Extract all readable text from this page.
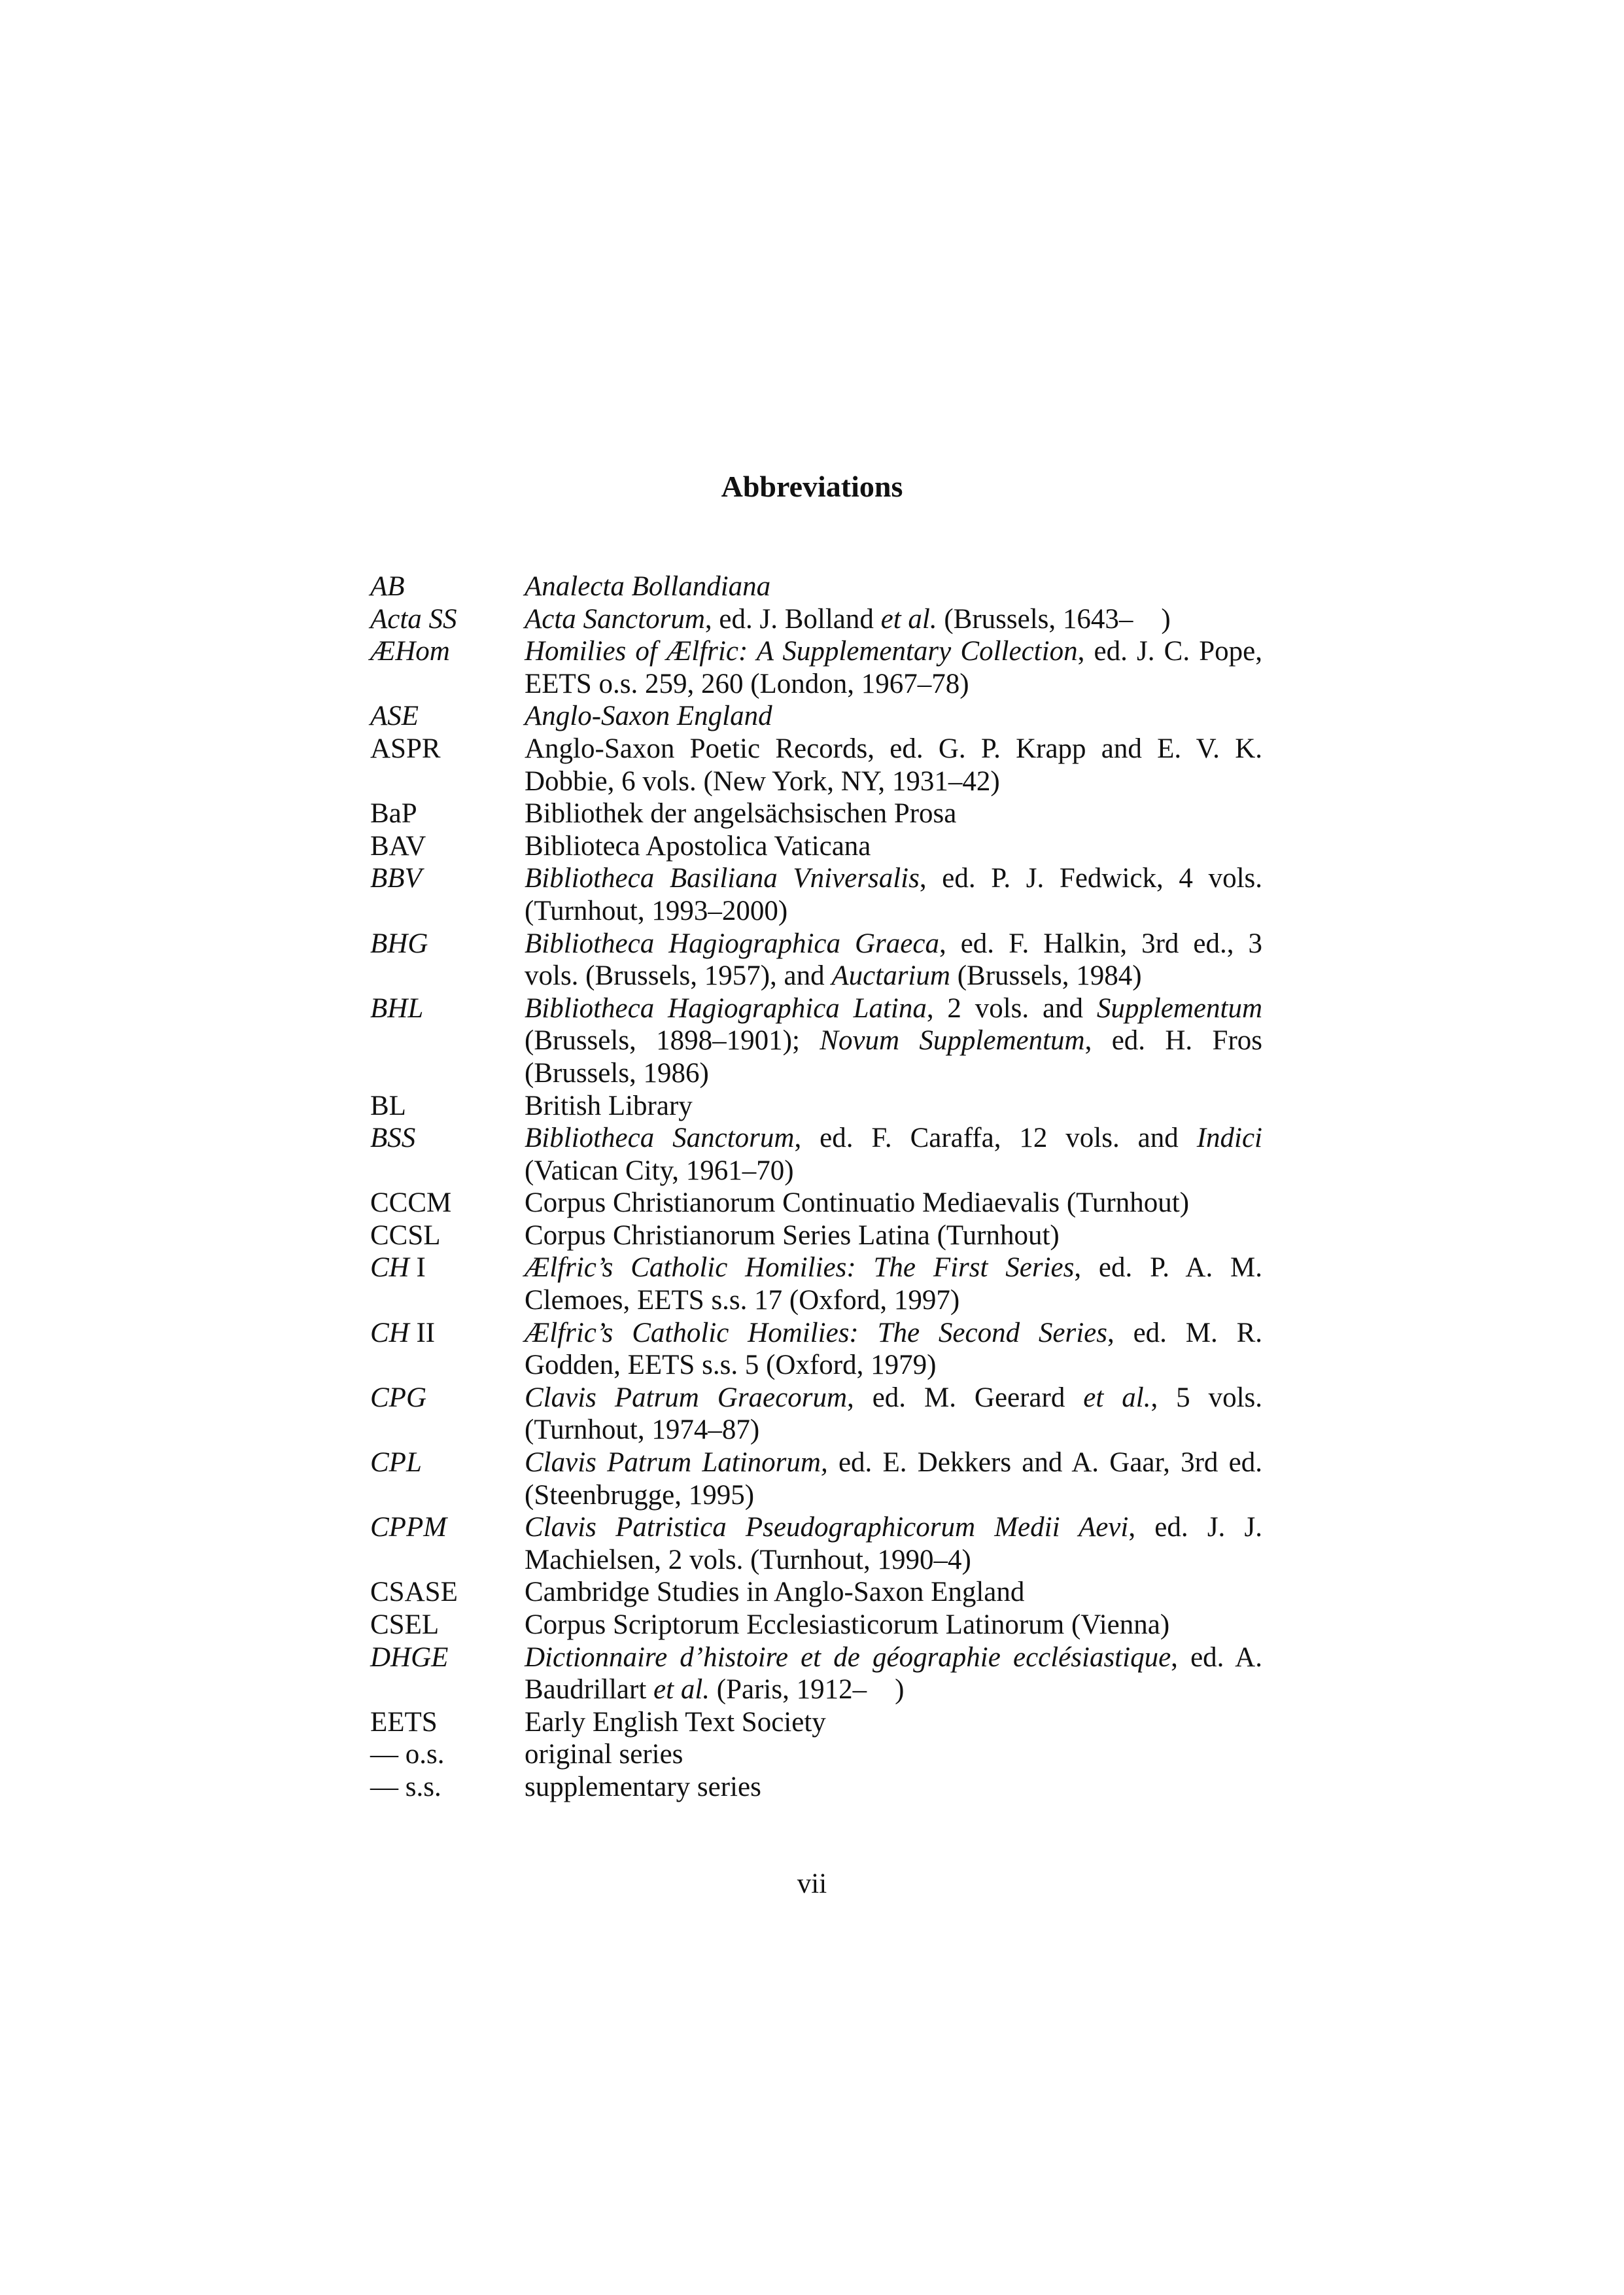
Abbreviations
AB	Analecta Bollandiana
Acta SS	Acta Sanctorum, ed. J. Bolland et al. (Brussels, 1643– )
ÆHom	Homilies of Ælfric: A Supplementary Collection, ed. J. C. Pope, EETS o.s. 259, 260 (London, 1967–78)
ASE	Anglo-Saxon England
ASPR	Anglo-Saxon Poetic Records, ed. G. P. Krapp and E. V. K. Dobbie, 6 vols. (New York, NY, 1931–42)
BaP	Bibliothek der angelsächsischen Prosa
BAV	Biblioteca Apostolica Vaticana
BBV	Bibliotheca Basiliana Vniversalis, ed. P. J. Fedwick, 4 vols. (Turnhout, 1993–2000)
BHG	Bibliotheca Hagiographica Graeca, ed. F. Halkin, 3rd ed., 3 vols. (Brussels, 1957), and Auctarium (Brussels, 1984)
BHL	Bibliotheca Hagiographica Latina, 2 vols. and Supplementum (Brussels, 1898–1901); Novum Supplementum, ed. H. Fros (Brussels, 1986)
BL	British Library
BSS	Bibliotheca Sanctorum, ed. F. Caraffa, 12 vols. and Indici (Vatican City, 1961–70)
CCCM	Corpus Christianorum Continuatio Mediaevalis (Turnhout)
CCSL	Corpus Christianorum Series Latina (Turnhout)
CH I	Ælfric’s Catholic Homilies: The First Series, ed. P. A. M. Clemoes, EETS s.s. 17 (Oxford, 1997)
CH II	Ælfric’s Catholic Homilies: The Second Series, ed. M. R. Godden, EETS s.s. 5 (Oxford, 1979)
CPG	Clavis Patrum Graecorum, ed. M. Geerard et al., 5 vols. (Turnhout, 1974–87)
CPL	Clavis Patrum Latinorum, ed. E. Dekkers and A. Gaar, 3rd ed. (Steenbrugge, 1995)
CPPM	Clavis Patristica Pseudographicorum Medii Aevi, ed. J. J. Machielsen, 2 vols. (Turnhout, 1990–4)
CSASE	Cambridge Studies in Anglo-Saxon England
CSEL	Corpus Scriptorum Ecclesiasticorum Latinorum (Vienna)
DHGE	Dictionnaire d’histoire et de géographie ecclésiastique, ed. A. Baudrillart et al. (Paris, 1912– )
EETS	Early English Text Society
— o.s.	original series
— s.s.	supplementary series
vii
